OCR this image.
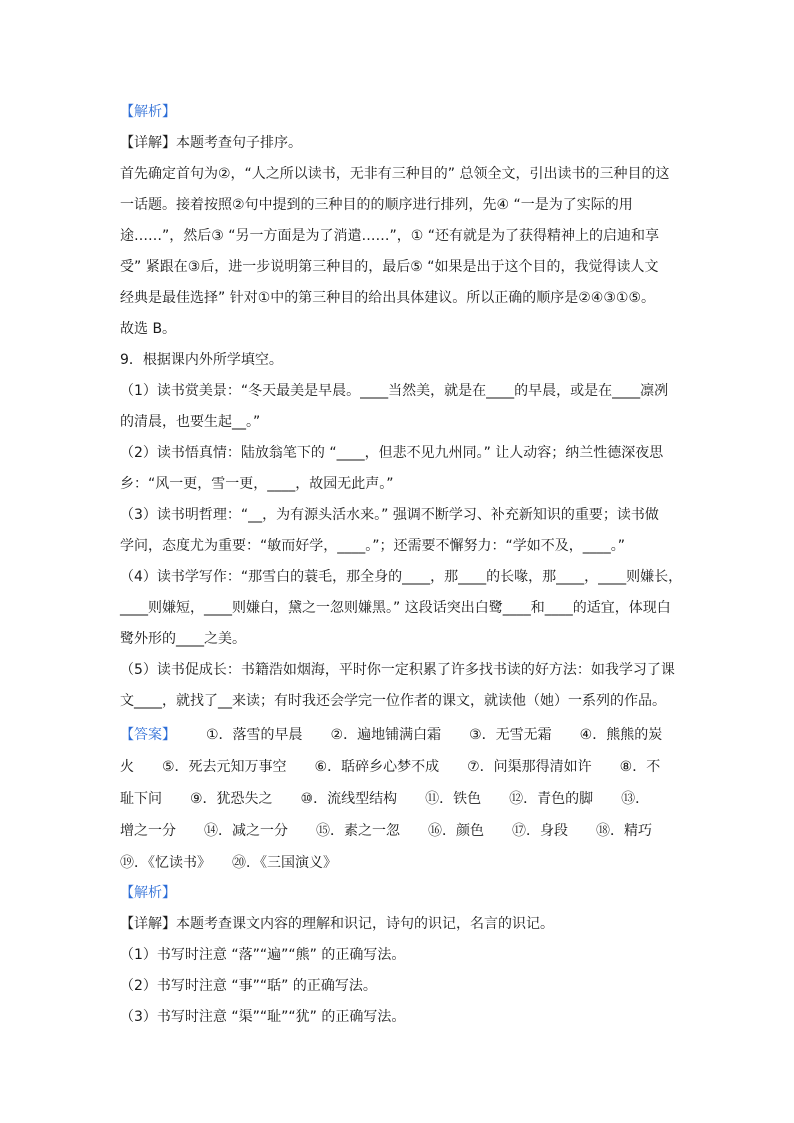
【解析】
【详解】本题考查句子排序。
首先确定首句为②，“人之所以读书，无非有三种目的” 总领全文，引出读书的三种目的这
一话题。接着按照②句中提到的三种目的的顺序进行排列，先④ “一是为了实际的用
途……”，然后③ “另一方面是为了消遣……”，① “还有就是为了获得精神上的启迪和享
受” 紧跟在③后，进一步说明第三种目的，最后⑤ “如果是出于这个目的，我觉得读人文
经典是最佳选择” 针对①中的第三种目的给出具体建议。所以正确的顺序是②④③①⑤。
故选 B。
9．根据课内外所学填空。
（1）读书赏美景：“冬天最美是早晨。____当然美，就是在____的早晨，或是在____凛冽
的清晨，也要生起__。”
（2）读书悟真情：陆放翁笔下的 “____，但悲不见九州同。” 让人动容；纳兰性德深夜思
乡：“风一更，雪一更，____，故园无此声。”
（3）读书明哲理：“__，为有源头活水来。” 强调不断学习、补充新知识的重要；读书做
学问，态度尤为重要：“敏而好学，____。”；还需要不懈努力：“学如不及，____。”
（4）读书学写作：“那雪白的蓑毛，那全身的____，那____的长喙，那____，____则嫌长，
____则嫌短，____则嫌白，黛之一忽则嫌黑。” 这段话突出白鹭____和____的适宜，体现白
鹭外形的____之美。
（5）读书促成长：书籍浩如烟海，平时你一定积累了许多找书读的好方法：如我学习了课
文____，就找了__来读；有时我还会学完一位作者的课文，就读他（她）一系列的作品。
【答案】 ①．落雪的早晨　　②．遍地铺满白霜　　③．无雪无霜　　④．熊熊的炭
火　　⑤．死去元知万事空　　⑥．聒碎乡心梦不成　　⑦．问渠那得清如许　　⑧．不
耻下问　　⑨．犹恐失之　　⑩．流线型结构　　⑪．铁色　　⑫．青色的脚　　⑬．
增之一分　　⑭．减之一分　　⑮．素之一忽　　⑯．颜色　　⑰．身段　　⑱．精巧
⑲．《忆读书》　　⑳．《三国演义》
【解析】
【详解】本题考查课文内容的理解和识记，诗句的识记，名言的识记。
（1）书写时注意 “落”“遍”“熊” 的正确写法。
（2）书写时注意 “事”“聒” 的正确写法。
（3）书写时注意 “渠”“耻”“犹” 的正确写法。
